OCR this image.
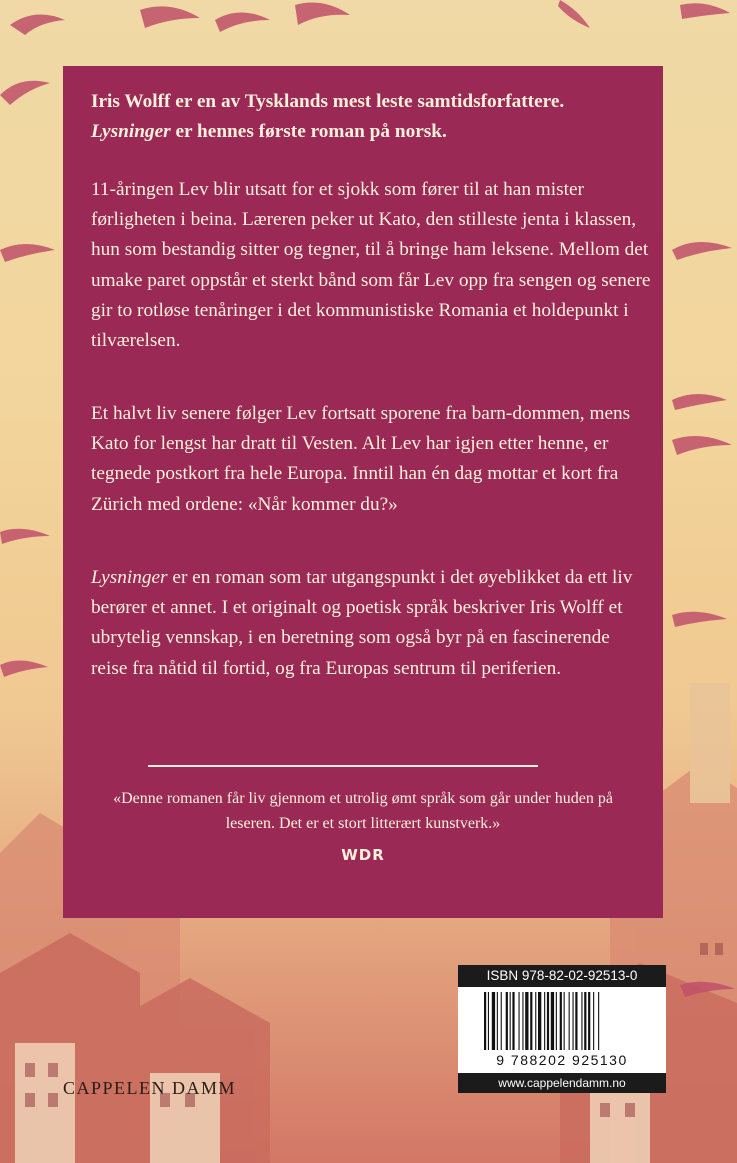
Iris Wolff er en av Tysklands mest leste samtidsforfattere.
Lysninger er hennes første roman på norsk.

11-åringen Lev blir utsatt for et sjokk som fører til at han mister førligheten i beina. Læreren peker ut Kato, den stilleste jenta i klassen, hun som bestandig sitter og tegner, til å bringe ham leksene. Mellom det umake paret oppstår et sterkt bånd som får Lev opp fra sengen og senere gir to rotløse tenåringer i det kommunistiske Romania et holdepunkt i tilværelsen.

Et halvt liv senere følger Lev fortsatt sporene fra barn-dommen, mens Kato for lengst har dratt til Vesten. Alt Lev har igjen etter henne, er tegnede postkort fra hele Europa. Inntil han én dag mottar et kort fra Zürich med ordene: «Når kommer du?»

Lysninger er en roman som tar utgangspunkt i det øyeblikket da ett liv berører et annet. I et originalt og poetisk språk beskriver Iris Wolff et ubrytelig vennskap, i en beretning som også byr på en fascinerende reise fra nåtid til fortid, og fra Europas sentrum til periferien.

«Denne romanen får liv gjennom et utrolig ømt språk som går under huden på leseren. Det er et stort litterært kunstverk.»

WDR
CAPPELEN DAMM
ISBN 978-82-02-92513-0
9 788202 925130
www.cappelendamm.no
